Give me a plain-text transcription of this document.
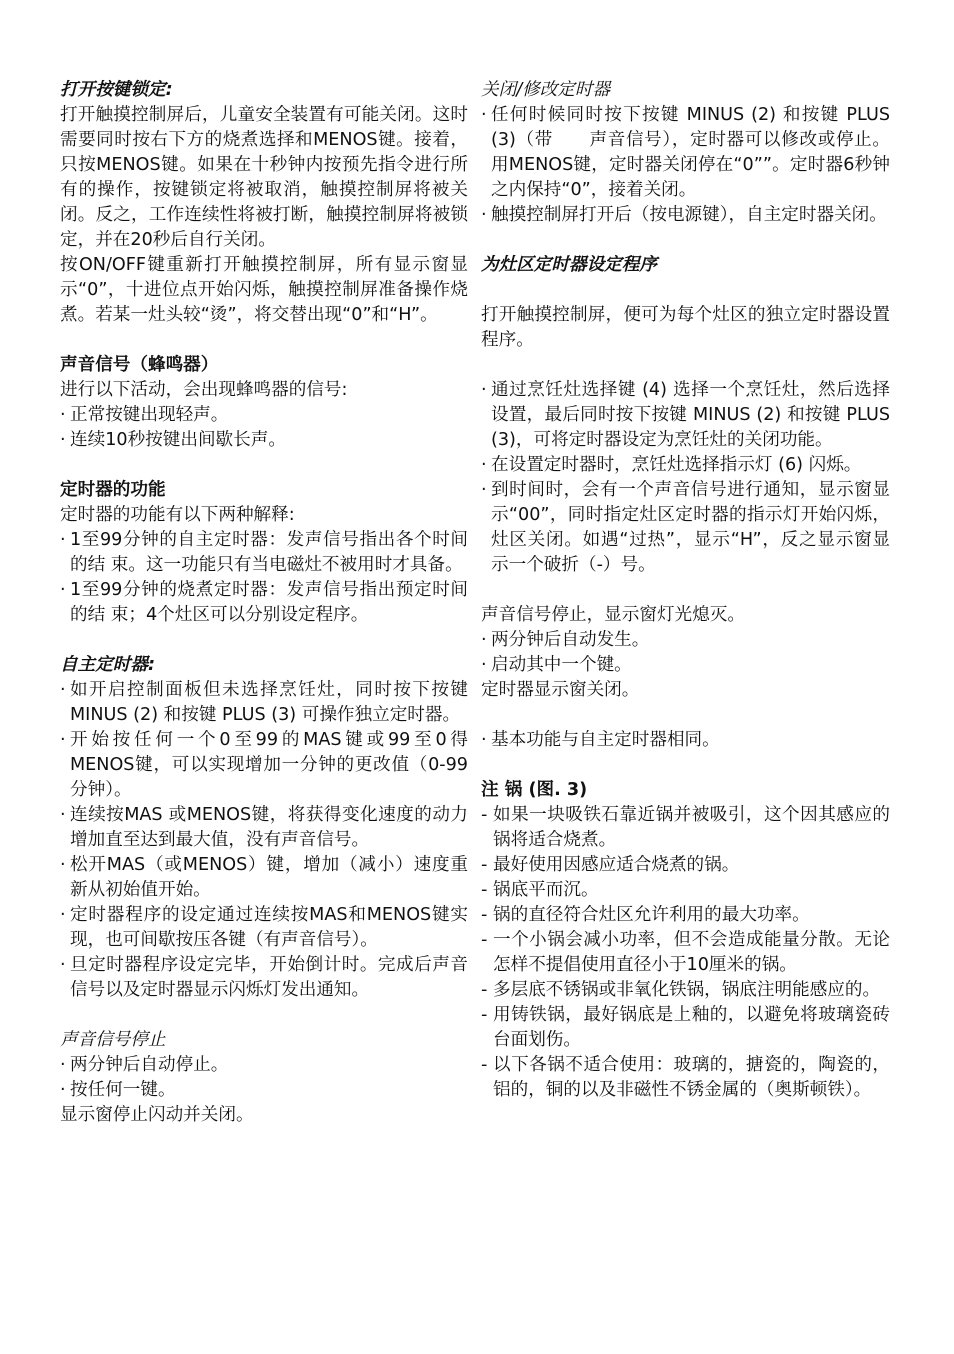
打开按键锁定:

打开触摸控制屏后，儿童安全装置有可能关闭。这时需要同时按右下方的烧煮选择和MENOS键。接着，只按MENOS键。如果在十秒钟内按预先指令进行所有的操作，按键锁定将被取消，触摸控制屏将被关闭。反之，工作连续性将被打断，触摸控制屏将被锁定，并在20秒后自行关闭。

按ON/OFF键重新打开触摸控制屏，所有显示窗显示“0”，十进位点开始闪烁，触摸控制屏准备操作烧煮。若某一灶头较“烫”，将交替出现“0”和“H”。

声音信号（蜂鸣器）

进行以下活动，会出现蜂鸣器的信号:

· 正常按键出现轻声。
· 连续10秒按键出间歇长声。

定时器的功能

定时器的功能有以下两种解释:

· 1至99分钟的自主定时器：发声信号指出各个时间的结 束。这一功能只有当电磁灶不被用时才具备。
· 1至99分钟的烧煮定时器：发声信号指出预定时间的结 束；4个灶区可以分别设定程序。

自主定时器:

· 如开启控制面板但未选择烹饪灶，同时按下按键 MINUS (2) 和按键 PLUS (3) 可操作独立定时器。
· 开始按任何一个0至99的MAS键或99至0得MENOS键，可以实现增加一分钟的更改值（0-99分钟）。
· 连续按MAS 或MENOS键，将获得变化速度的动力增加直至达到最大值，没有声音信号。
· 松开MAS（或MENOS）键，增加（减小）速度重新从初始值开始。
· 定时器程序的设定通过连续按MAS和MENOS键实现，也可间歇按压各键（有声音信号）。
· 旦定时器程序设定完毕，开始倒计时。完成后声音信号以及定时器显示闪烁灯发出通知。

声音信号停止

· 两分钟后自动停止。
· 按任何一键。

显示窗停止闪动并关闭。

关闭/修改定时器

· 任何时候同时按下按键 MINUS (2) 和按键 PLUS (3)（带　　声音信号），定时器可以修改或停止。用MENOS键，定时器关闭停在“0””。定时器6秒钟之内保持“0”，接着关闭。
· 触摸控制屏打开后（按电源键），自主定时器关闭。

为灶区定时器设定程序

打开触摸控制屏，便可为每个灶区的独立定时器设置程序。

· 通过烹饪灶选择键 (4) 选择一个烹饪灶，然后选择设置，最后同时按下按键 MINUS (2) 和按键 PLUS (3)，可将定时器设定为烹饪灶的关闭功能。
· 在设置定时器时，烹饪灶选择指示灯 (6) 闪烁。
· 到时间时，会有一个声音信号进行通知，显示窗显示“00”，同时指定灶区定时器的指示灯开始闪烁，灶区关闭。如遇“过热”，显示“H”，反之显示窗显示一个破折（-）号。

声音信号停止，显示窗灯光熄灭。

· 两分钟后自动发生。
· 启动其中一个键。

定时器显示窗关闭。

· 基本功能与自主定时器相同。

注 锅 (图. 3)

- 如果一块吸铁石靠近锅并被吸引，这个因其感应的锅将适合烧煮。
- 最好使用因感应适合烧煮的锅。
- 锅底平而沉。
- 锅的直径符合灶区允许利用的最大功率。
- 一个小锅会减小功率，但不会造成能量分散。无论怎样不提倡使用直径小于10厘米的锅。
- 多层底不锈锅或非氧化铁锅，锅底注明能感应的。
- 用铸铁锅，最好锅底是上釉的，以避免将玻璃瓷砖台面划伤。
- 以下各锅不适合使用：玻璃的，搪瓷的，陶瓷的，铝的，铜的以及非磁性不锈金属的（奥斯顿铁）。
